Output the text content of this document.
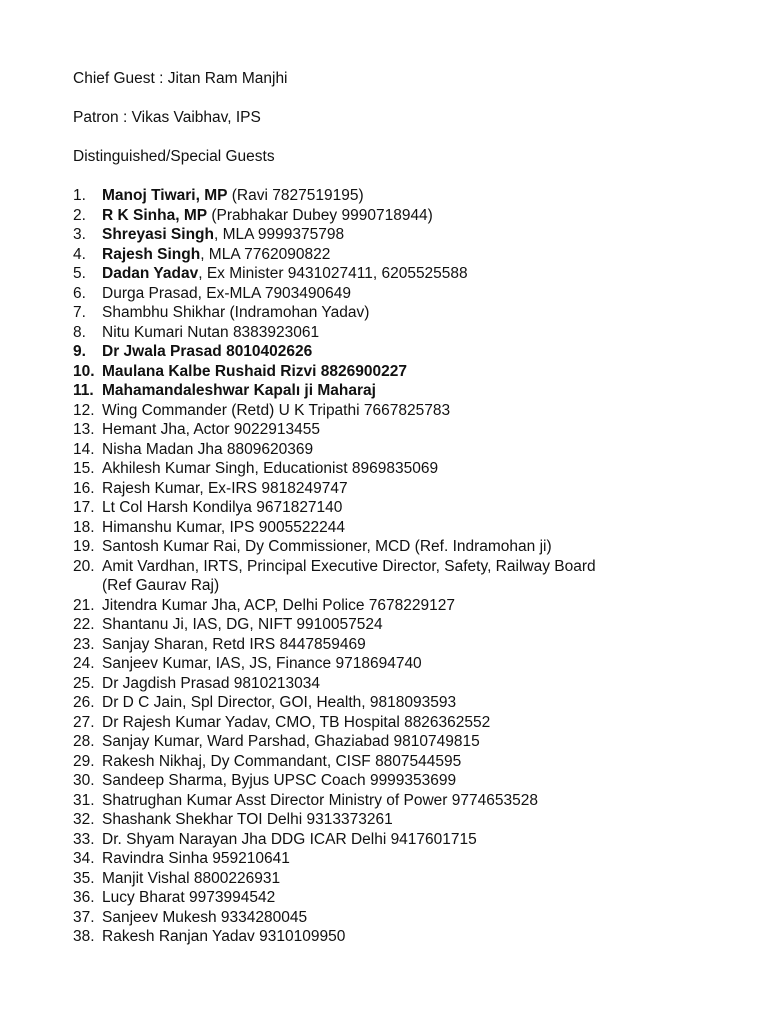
Chief Guest : Jitan Ram Manjhi
Patron : Vikas Vaibhav, IPS
Distinguished/Special Guests
1.	Manoj Tiwari, MP (Ravi 7827519195)
2.	R K Sinha, MP (Prabhakar Dubey 9990718944)
3.	Shreyasi Singh, MLA 9999375798
4.	Rajesh Singh, MLA 7762090822
5.	Dadan Yadav, Ex Minister 9431027411, 6205525588
6.	Durga Prasad, Ex-MLA 7903490649
7.	Shambhu Shikhar (Indramohan Yadav)
8.	Nitu Kumari Nutan 8383923061
9.	Dr Jwala Prasad 8010402626
10. Maulana Kalbe Rushaid Rizvi 8826900227
11. Mahamandaleshwar Kapalı ji Maharaj
12. Wing Commander (Retd) U K Tripathi 7667825783
13. Hemant Jha, Actor 9022913455
14. Nisha Madan Jha 8809620369
15. Akhilesh Kumar Singh, Educationist 8969835069
16. Rajesh Kumar, Ex-IRS 9818249747
17. Lt Col Harsh Kondilya 9671827140
18. Himanshu Kumar, IPS 9005522244
19. Santosh Kumar Rai, Dy Commissioner, MCD (Ref. Indramohan ji)
20. Amit Vardhan, IRTS, Principal Executive Director, Safety, Railway Board
(Ref Gaurav Raj)
21. Jitendra Kumar Jha, ACP, Delhi Police 7678229127
22. Shantanu Ji, IAS, DG, NIFT 9910057524
23. Sanjay Sharan, Retd IRS 8447859469
24. Sanjeev Kumar, IAS, JS, Finance 9718694740
25. Dr Jagdish Prasad 9810213034
26. Dr D C Jain, Spl Director, GOI, Health, 9818093593
27. Dr Rajesh Kumar Yadav, CMO, TB Hospital 8826362552
28. Sanjay Kumar, Ward Parshad, Ghaziabad 9810749815
29. Rakesh Nikhaj, Dy Commandant, CISF 8807544595
30. Sandeep Sharma, Byjus UPSC Coach 9999353699
31. Shatrughan Kumar Asst Director Ministry of Power 9774653528
32. Shashank Shekhar TOI Delhi 9313373261
33. Dr. Shyam Narayan Jha DDG ICAR Delhi 9417601715
34. Ravindra Sinha 959210641
35. Manjit Vishal 8800226931
36. Lucy Bharat 9973994542
37. Sanjeev Mukesh 9334280045
38. Rakesh Ranjan Yadav 9310109950
